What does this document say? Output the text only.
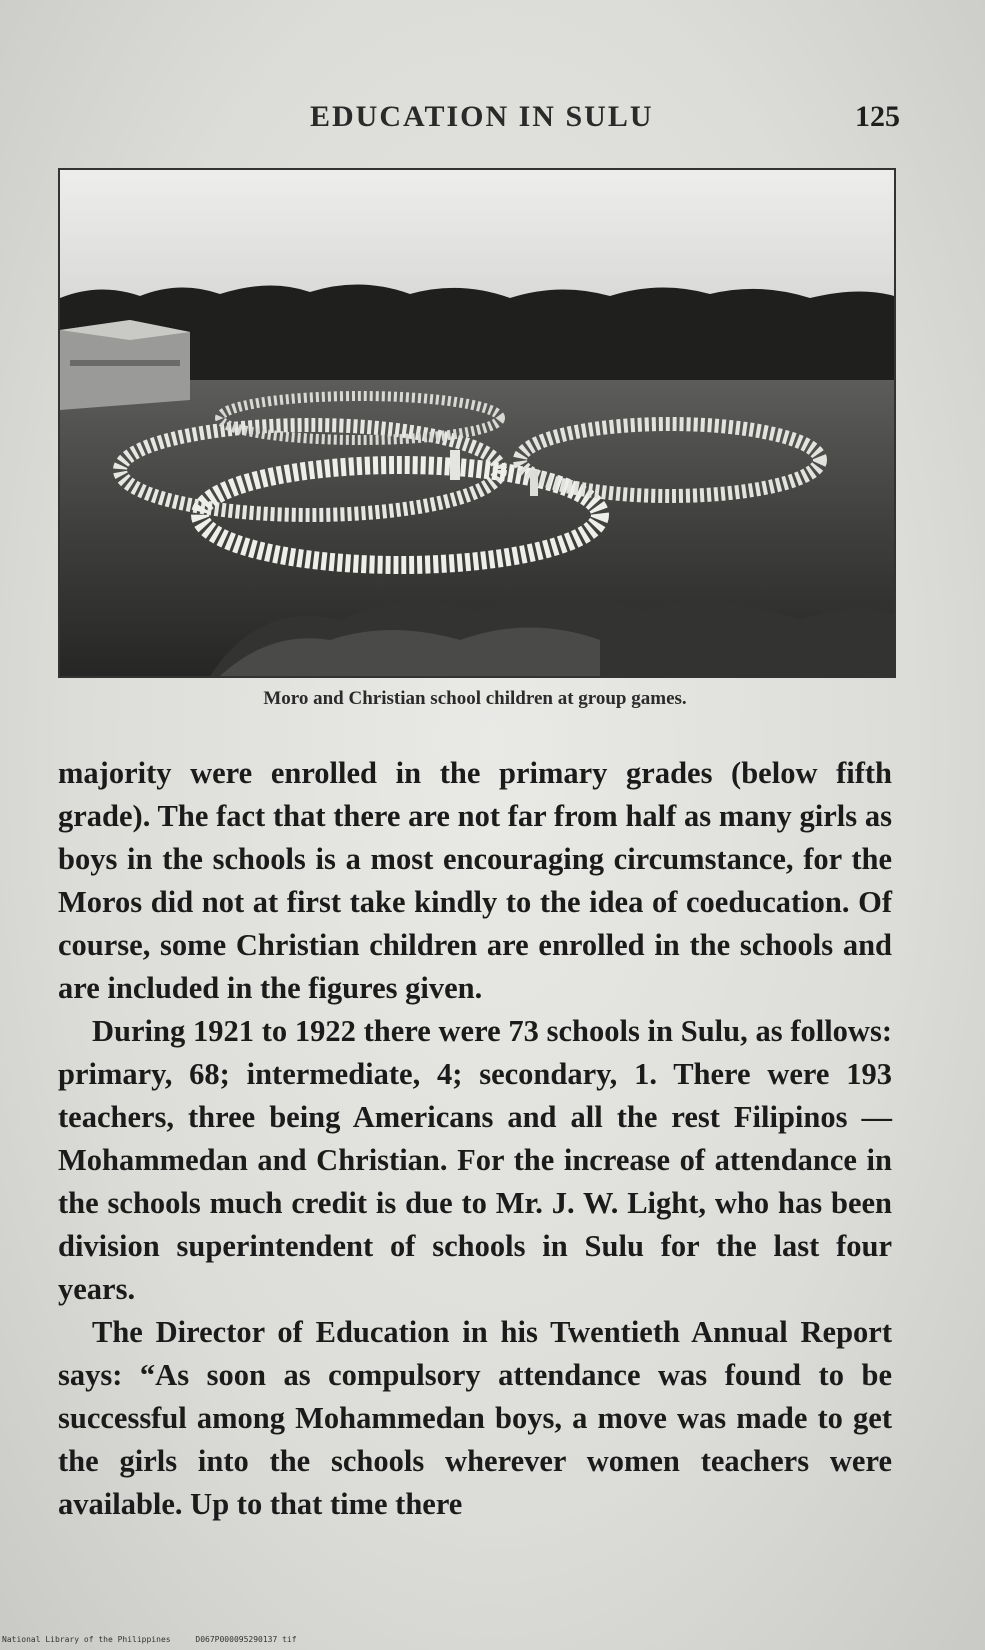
EDUCATION IN SULU	125
Moro and Christian school children at group games.

majority were enrolled in the primary grades (below fifth grade). The fact that there are not far from half as many girls as boys in the schools is a most encouraging circumstance, for the Moros did not at first take kindly to the idea of coeducation. Of course, some Christian children are enrolled in the schools and are included in the figures given.

During 1921 to 1922 there were 73 schools in Sulu, as follows: primary, 68; intermediate, 4; secondary, 1. There were 193 teachers, three being Americans and all the rest Filipinos — Mohammedan and Christian. For the increase of attendance in the schools much credit is due to Mr. J. W. Light, who has been division superintendent of schools in Sulu for the last four years.

The Director of Education in his Twentieth Annual Report says: “As soon as compulsory attendance was found to be successful among Mohammedan boys, a move was made to get the girls into the schools wherever women teachers were available. Up to that time there

National Library of the Philippines	D067P000095290137 tif
